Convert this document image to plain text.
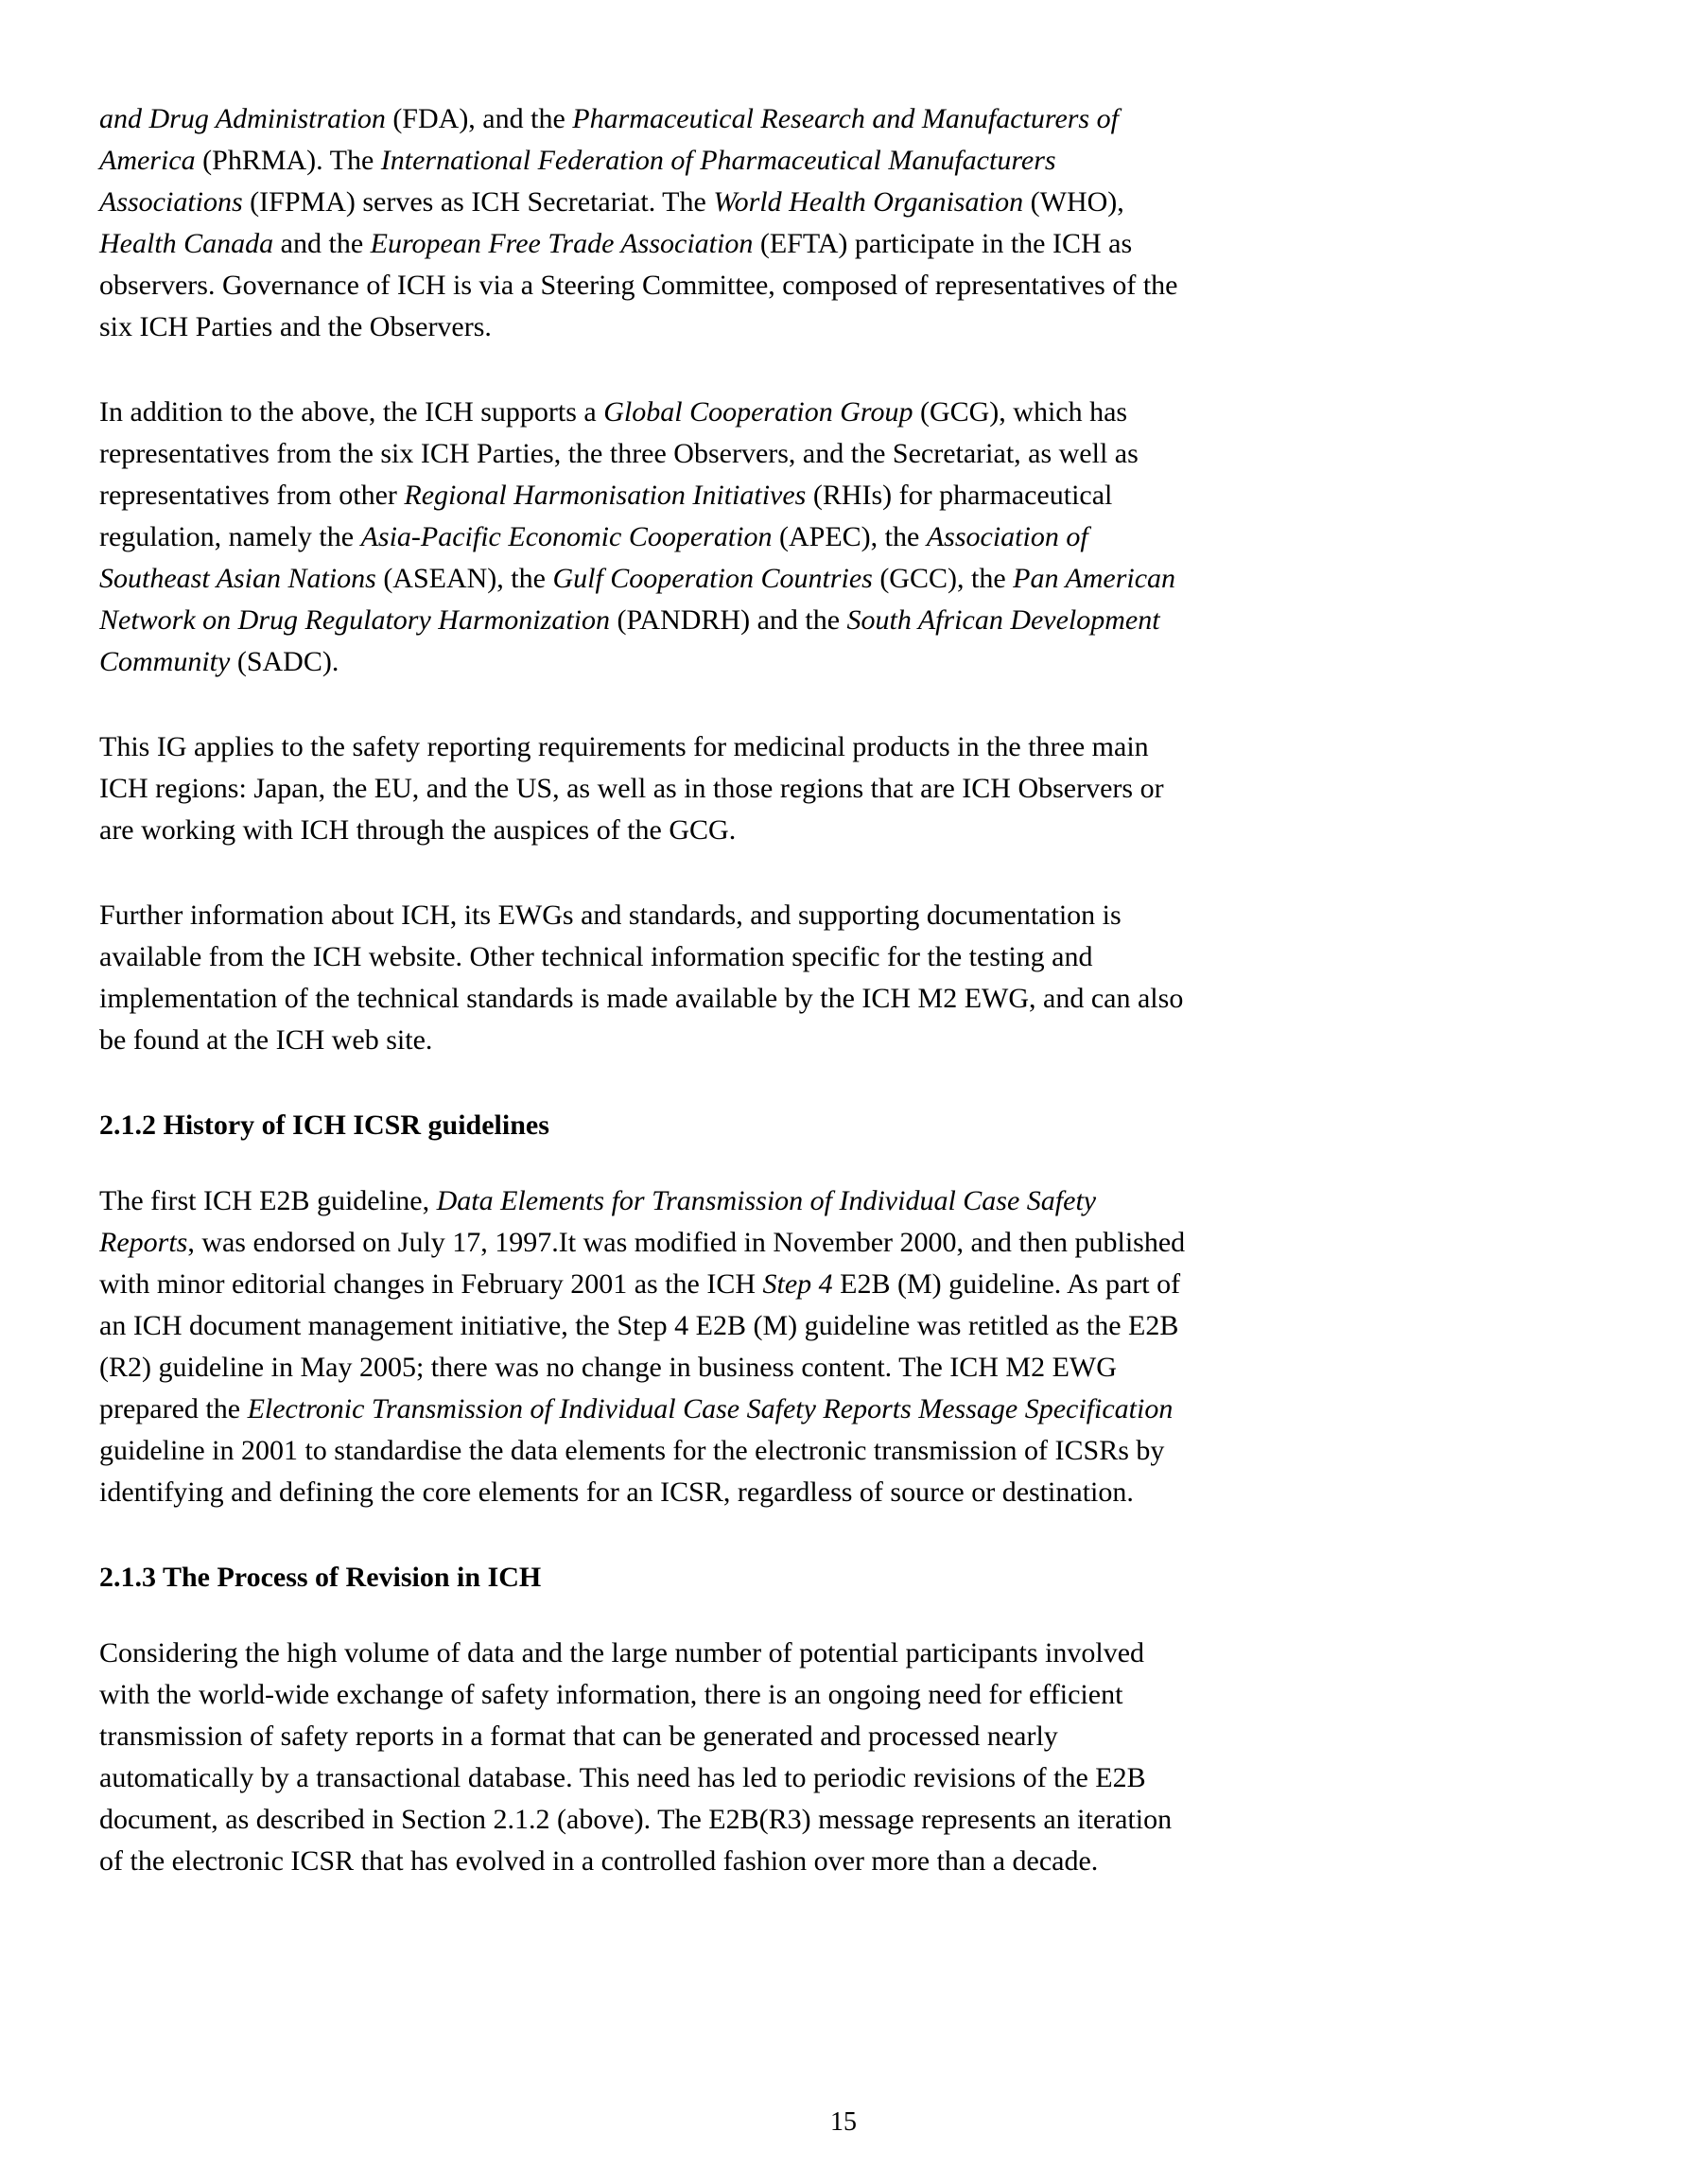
and Drug Administration (FDA), and the Pharmaceutical Research and Manufacturers of America (PhRMA). The International Federation of Pharmaceutical Manufacturers Associations (IFPMA) serves as ICH Secretariat. The World Health Organisation (WHO), Health Canada and the European Free Trade Association (EFTA) participate in the ICH as observers. Governance of ICH is via a Steering Committee, composed of representatives of the six ICH Parties and the Observers.

In addition to the above, the ICH supports a Global Cooperation Group (GCG), which has representatives from the six ICH Parties, the three Observers, and the Secretariat, as well as representatives from other Regional Harmonisation Initiatives (RHIs) for pharmaceutical regulation, namely the Asia-Pacific Economic Cooperation (APEC), the Association of Southeast Asian Nations (ASEAN), the Gulf Cooperation Countries (GCC), the Pan American Network on Drug Regulatory Harmonization (PANDRH) and the South African Development Community (SADC).

This IG applies to the safety reporting requirements for medicinal products in the three main ICH regions: Japan, the EU, and the US, as well as in those regions that are ICH Observers or are working with ICH through the auspices of the GCG.

Further information about ICH, its EWGs and standards, and supporting documentation is available from the ICH website. Other technical information specific for the testing and implementation of the technical standards is made available by the ICH M2 EWG, and can also be found at the ICH web site.

2.1.2 History of ICH ICSR guidelines

The first ICH E2B guideline, Data Elements for Transmission of Individual Case Safety Reports, was endorsed on July 17, 1997.It was modified in November 2000, and then published with minor editorial changes in February 2001 as the ICH Step 4 E2B (M) guideline. As part of an ICH document management initiative, the Step 4 E2B (M) guideline was retitled as the E2B (R2) guideline in May 2005; there was no change in business content. The ICH M2 EWG prepared the Electronic Transmission of Individual Case Safety Reports Message Specification guideline in 2001 to standardise the data elements for the electronic transmission of ICSRs by identifying and defining the core elements for an ICSR, regardless of source or destination.

2.1.3 The Process of Revision in ICH

Considering the high volume of data and the large number of potential participants involved with the world-wide exchange of safety information, there is an ongoing need for efficient transmission of safety reports in a format that can be generated and processed nearly automatically by a transactional database. This need has led to periodic revisions of the E2B document, as described in Section 2.1.2 (above). The E2B(R3) message represents an iteration of the electronic ICSR that has evolved in a controlled fashion over more than a decade.

15
